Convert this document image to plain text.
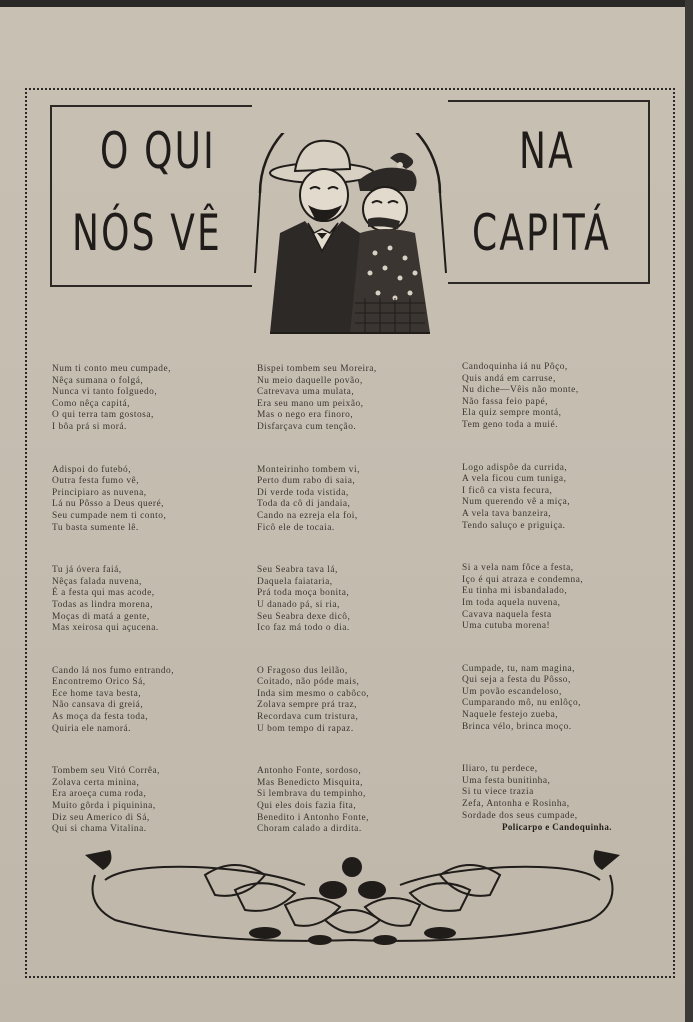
O QUI
NÓS VÊ
NA
CAPITÁ
Num ti conto meu cumpade,
Nêça sumana o folgá,
Nunca vi tanto folguedo,
Como nêça capitá,
O qui terra tam gostosa,
I bôa prá si morá.
Adispoi do futebó,
Outra festa fumo vê,
Principiaro as nuvena,
Lá nu Pôsso a Deus queré,
Seu cumpade nem ti conto,
Tu basta sumente lê.
Tu já óvera faiá,
Nêças falada nuvena,
É a festa qui mas acode,
Todas as lindra morena,
Moças di matá a gente,
Mas xeirosa qui açucena.
Cando lá nos fumo entrando,
Encontremo Orico Sá,
Ece home tava besta,
Não cansava di greiá,
As moça da festa toda,
Quiria ele namorá.
Tombem seu Vitó Corrêa,
Zolava certa minina,
Era aroeça cuma roda,
Muito gôrda i piquinina,
Diz seu Americo di Sá,
Qui si chama Vitalina.
Bispei tombem seu Moreira,
Nu meio daquelle povão,
Catrevava uma mulata,
Era seu mano um peixão,
Mas o nego era finoro,
Disfarçava cum tenção.
Monteirinho tombem vi,
Perto dum rabo di saia,
Di verde toda vistida,
Toda da cô di jandaia,
Cando na ezreja ela foi,
Ficô ele de tocaia.
Seu Seabra tava lá,
Daquela faiataria,
Prá toda moça bonita,
U danado pá, si ria,
Seu Seabra dexe dicô,
Ico faz má todo o dia.
O Fragoso dus leilão,
Coitado, não póde mais,
Inda sim mesmo o cabôco,
Zolava sempre prá traz,
Recordava cum tristura,
U bom tempo di rapaz.
Antonho Fonte, sordoso,
Mas Benedicto Misquita,
Si lembrava du tempinho,
Qui eles dois fazia fita,
Benedito i Antonho Fonte,
Choram calado a dirdita.
Candoquinha iá nu Pôço,
Quis andá em carruse,
Nu diche—Vêis não monte,
Não fassa feio papé,
Ela quiz sempre montá,
Tem geno toda a muié.
Logo adispôe da currida,
A vela ficou cum tuniga,
I ficô ca vista fecura,
Num querendo vê a miça,
A vela tava banzeira,
Tendo saluço e priguiça.
Si a vela nam fôce a festa,
Iço é qui atraza e condemna,
Eu tinha mi isbandalado,
Im toda aquela nuvena,
Cavava naquela festa
Uma cutuba morena!
Cumpade, tu, nam magina,
Qui seja a festa du Pôsso,
Um povão escandeloso,
Cumparando mô, nu enlôço,
Naquele festejo zueba,
Brinca vélo, brinca moço.
Iliaro, tu perdece,
Uma festa bunitinha,
Si tu viece trazia
Zefa, Antonha e Rosinha,
Sordade dos seus cumpade,
Policarpo e Candoquinha.
